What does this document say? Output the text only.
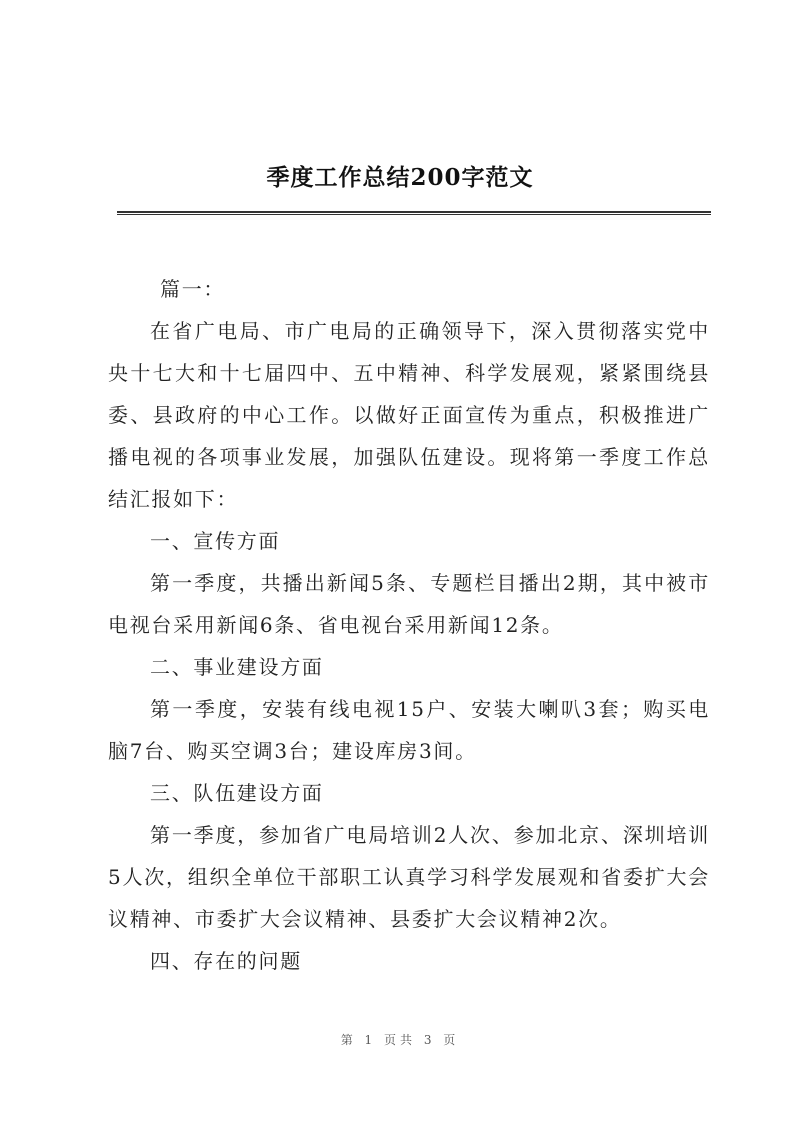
季度工作总结200字范文

篇一：

在省广电局、市广电局的正确领导下，深入贯彻落实党中央十七大和十七届四中、五中精神、科学发展观，紧紧围绕县委、县政府的中心工作。以做好正面宣传为重点，积极推进广播电视的各项事业发展，加强队伍建设。现将第一季度工作总结汇报如下：

一、宣传方面

第一季度，共播出新闻5条、专题栏目播出2期，其中被市电视台采用新闻6条、省电视台采用新闻12条。

二、事业建设方面

第一季度，安装有线电视15户、安装大喇叭3套；购买电脑7台、购买空调3台；建设库房3间。

三、队伍建设方面

第一季度，参加省广电局培训2人次、参加北京、深圳培训5人次，组织全单位干部职工认真学习科学发展观和省委扩大会议精神、市委扩大会议精神、县委扩大会议精神2次。

四、存在的问题

第 1 页共 3 页
